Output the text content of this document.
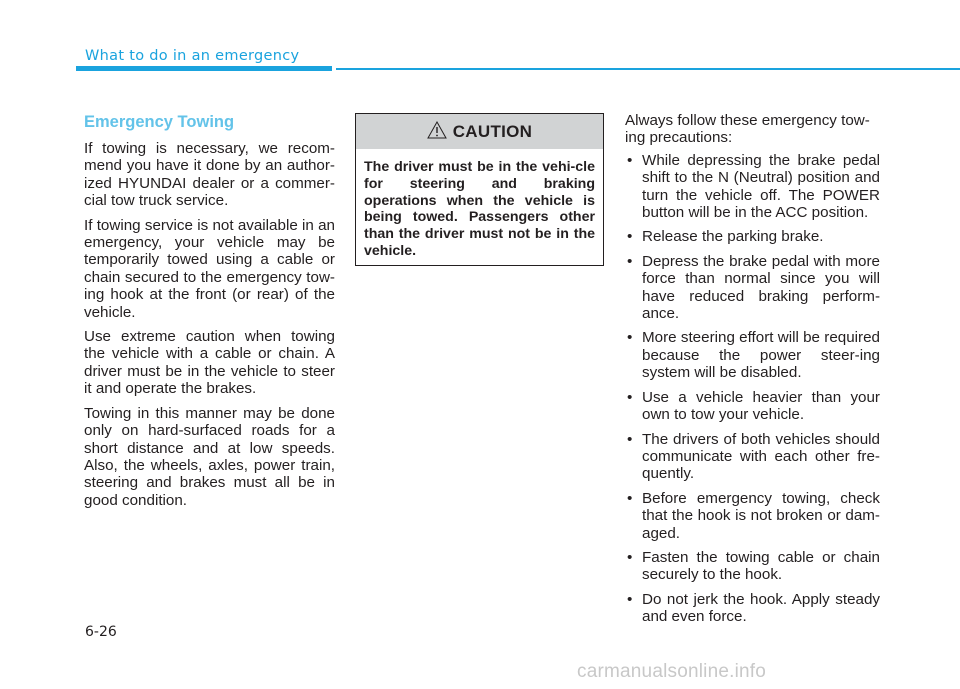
What to do in an emergency
Emergency Towing

If towing is necessary, we recom-mend you have it done by an author-ized HYUNDAI dealer or a commer-cial tow truck service.

If towing service is not available in an emergency, your vehicle may be temporarily towed using a cable or chain secured to the emergency tow-ing hook at the front (or rear) of the vehicle.

Use extreme caution when towing the vehicle with a cable or chain. A driver must be in the vehicle to steer it and operate the brakes.

Towing in this manner may be done only on hard-surfaced roads for a short distance and at low speeds. Also, the wheels, axles, power train, steering and brakes must all be in good condition.

CAUTION
The driver must be in the vehi-cle for steering and braking operations when the vehicle is being towed. Passengers other than the driver must not be in the vehicle.

Always follow these emergency tow-ing precautions:

• While depressing the brake pedal shift to the N (Neutral) position and turn the vehicle off. The POWER button will be in the ACC position.
• Release the parking brake.
• Depress the brake pedal with more force than normal since you will have reduced braking perform-ance.
• More steering effort will be required because the power steer-ing system will be disabled.
• Use a vehicle heavier than your own to tow your vehicle.
• The drivers of both vehicles should communicate with each other fre-quently.
• Before emergency towing, check that the hook is not broken or dam-aged.
• Fasten the towing cable or chain securely to the hook.
• Do not jerk the hook. Apply steady and even force.
6-26
carmanualsonline.info
